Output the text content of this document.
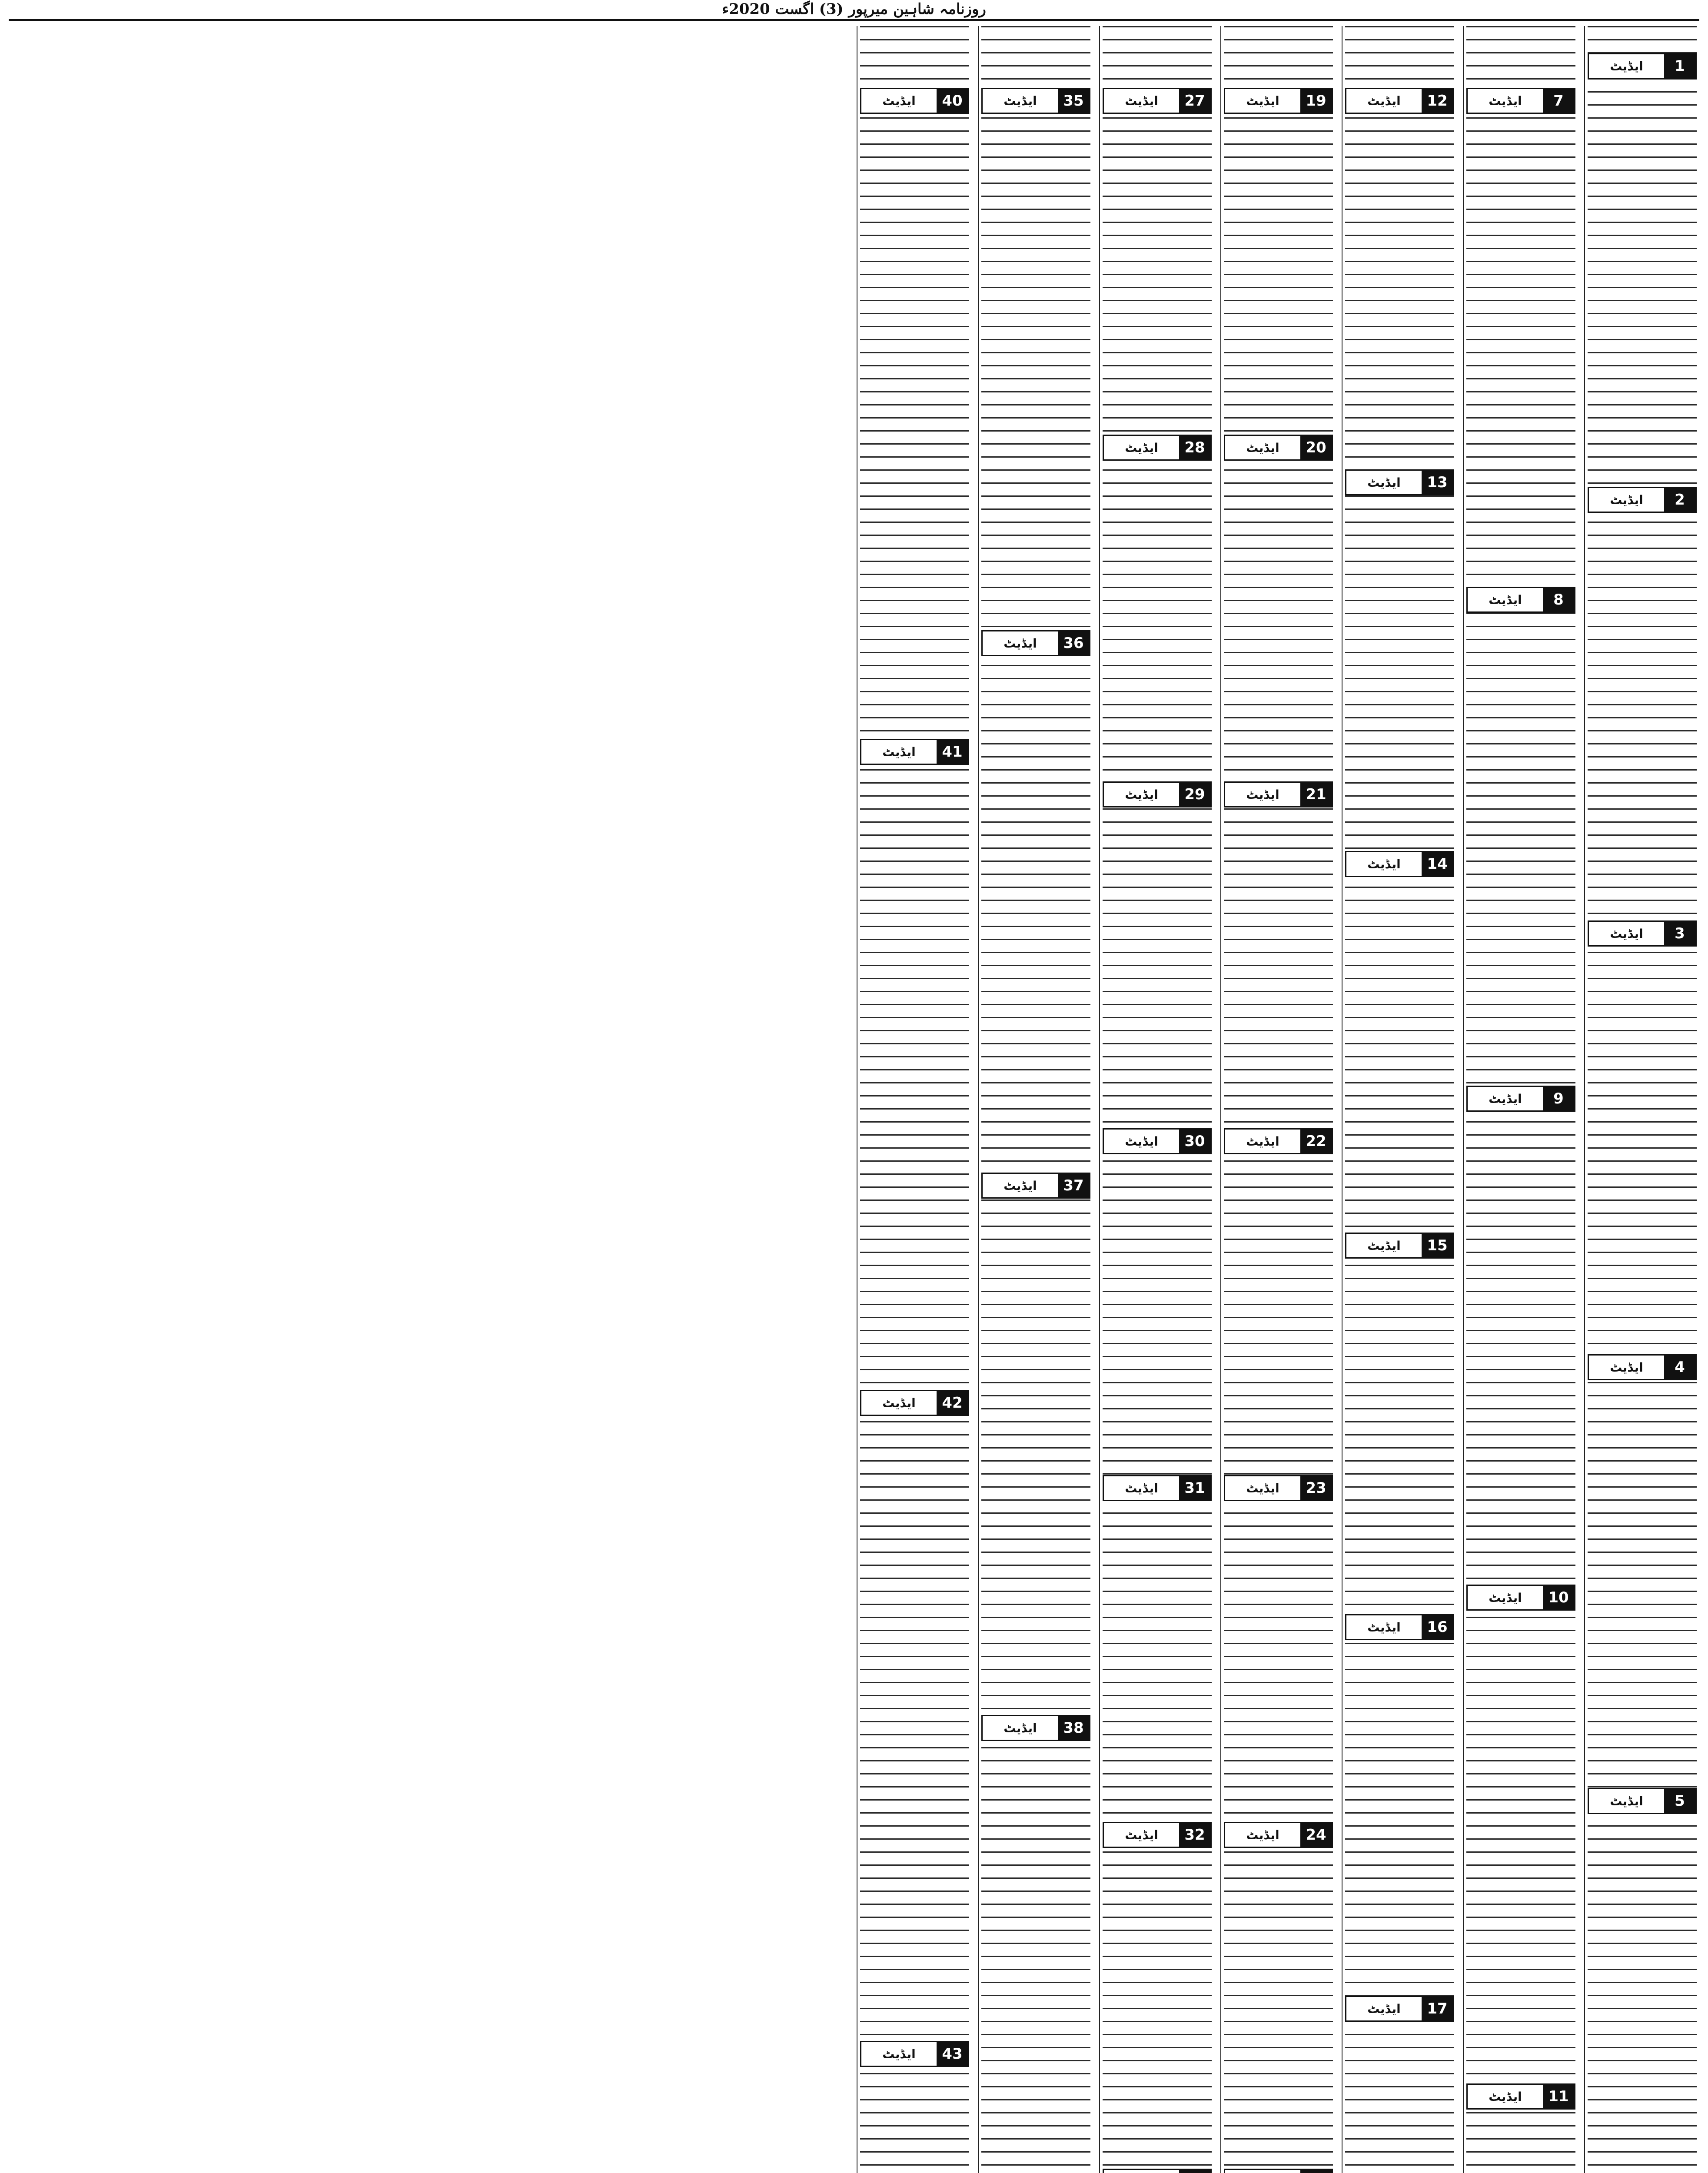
روزنامہ شاہین میرپور (3) اگست 2020ء
1
ایڈیٹ
2
ایڈیٹ
3
ایڈیٹ
4
ایڈیٹ
5
ایڈیٹ
7
ایڈیٹ
8
ایڈیٹ
9
ایڈیٹ
10
ایڈیٹ
11
ایڈیٹ
12
ایڈیٹ
13
ایڈیٹ
14
ایڈیٹ
15
ایڈیٹ
16
ایڈیٹ
17
ایڈیٹ
19
ایڈیٹ
20
ایڈیٹ
21
ایڈیٹ
22
ایڈیٹ
23
ایڈیٹ
24
ایڈیٹ
27
ایڈیٹ
28
ایڈیٹ
29
ایڈیٹ
30
ایڈیٹ
31
ایڈیٹ
32
ایڈیٹ
35
ایڈیٹ
36
ایڈیٹ
37
ایڈیٹ
38
ایڈیٹ
40
ایڈیٹ
41
ایڈیٹ
42
ایڈیٹ
43
ایڈیٹ
